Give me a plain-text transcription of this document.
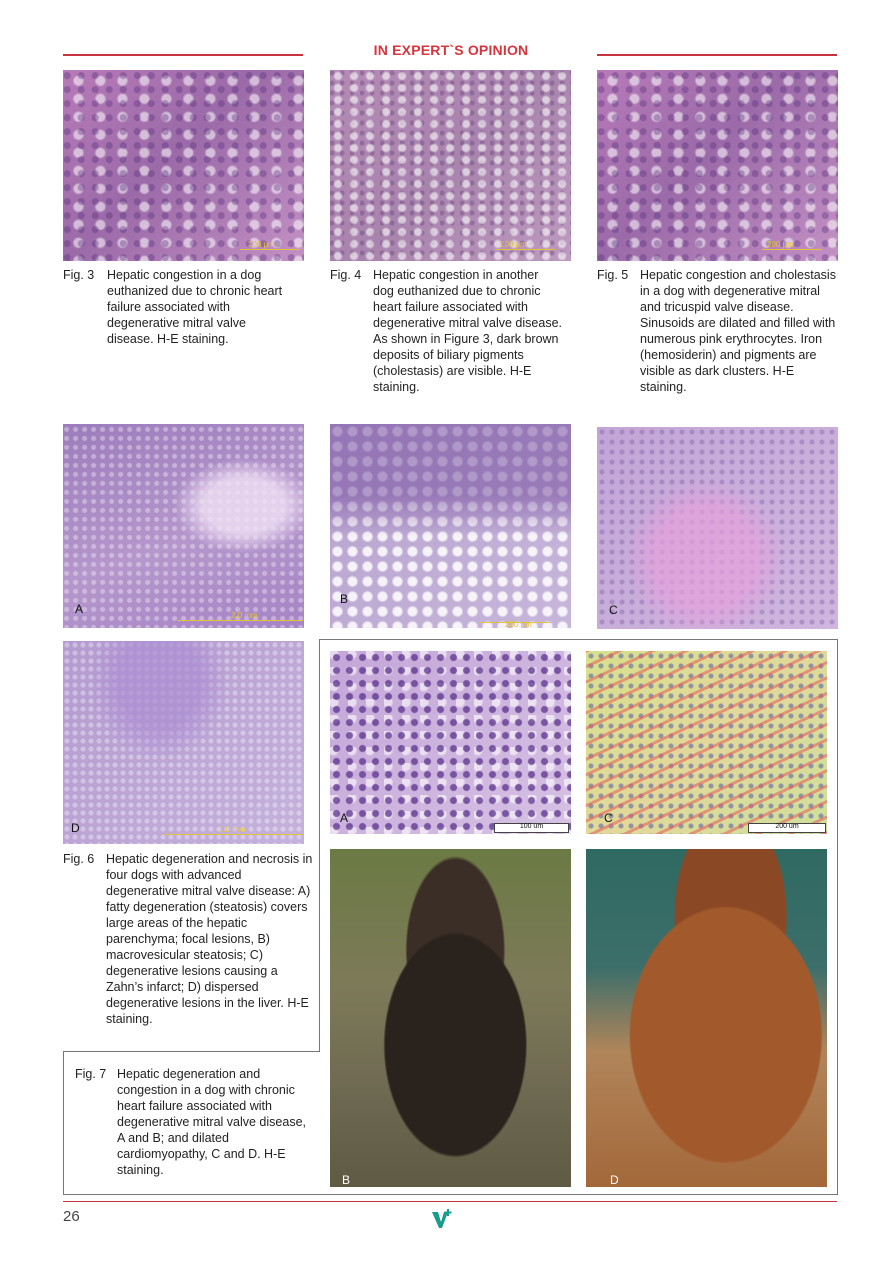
IN EXPERT`S OPINION
200 µm	200 µm	200 µm
Fig. 3 Hepatic congestion in a dog euthanized due to chronic heart failure associated with degenerative mitral valve disease. H-E staining.
Fig. 4 Hepatic congestion in another dog euthanized due to chronic heart failure associated with degenerative mitral valve disease. As shown in Figure 3, dark brown deposits of biliary pigments (cholestasis) are visible. H-E staining.
Fig. 5 Hepatic congestion and cholestasis in a dog with degenerative mitral and tricuspid valve disease. Sinusoids are dilated and filled with numerous pink erythrocytes. Iron (hemosiderin) and pigments are visible as dark clusters. H-E staining.
2.0 mm
A
200 µm
B
C
1.0 mm
D
Fig. 6 Hepatic degeneration and necrosis in four dogs with advanced degenerative mitral valve disease: A) fatty degeneration (steatosis) covers large areas of the hepatic parenchyma; focal lesions, B) macrovesicular steatosis; C) degenerative lesions causing a Zahn’s infarct; D) dispersed degenerative lesions in the liver. H-E staining.
100 um
A
200 um
C
B	D
Fig. 7 Hepatic degeneration and congestion in a dog with chronic heart failure associated with degenerative mitral valve disease, A and B; and dilated cardiomyopathy, C and D. H-E staining.
26
